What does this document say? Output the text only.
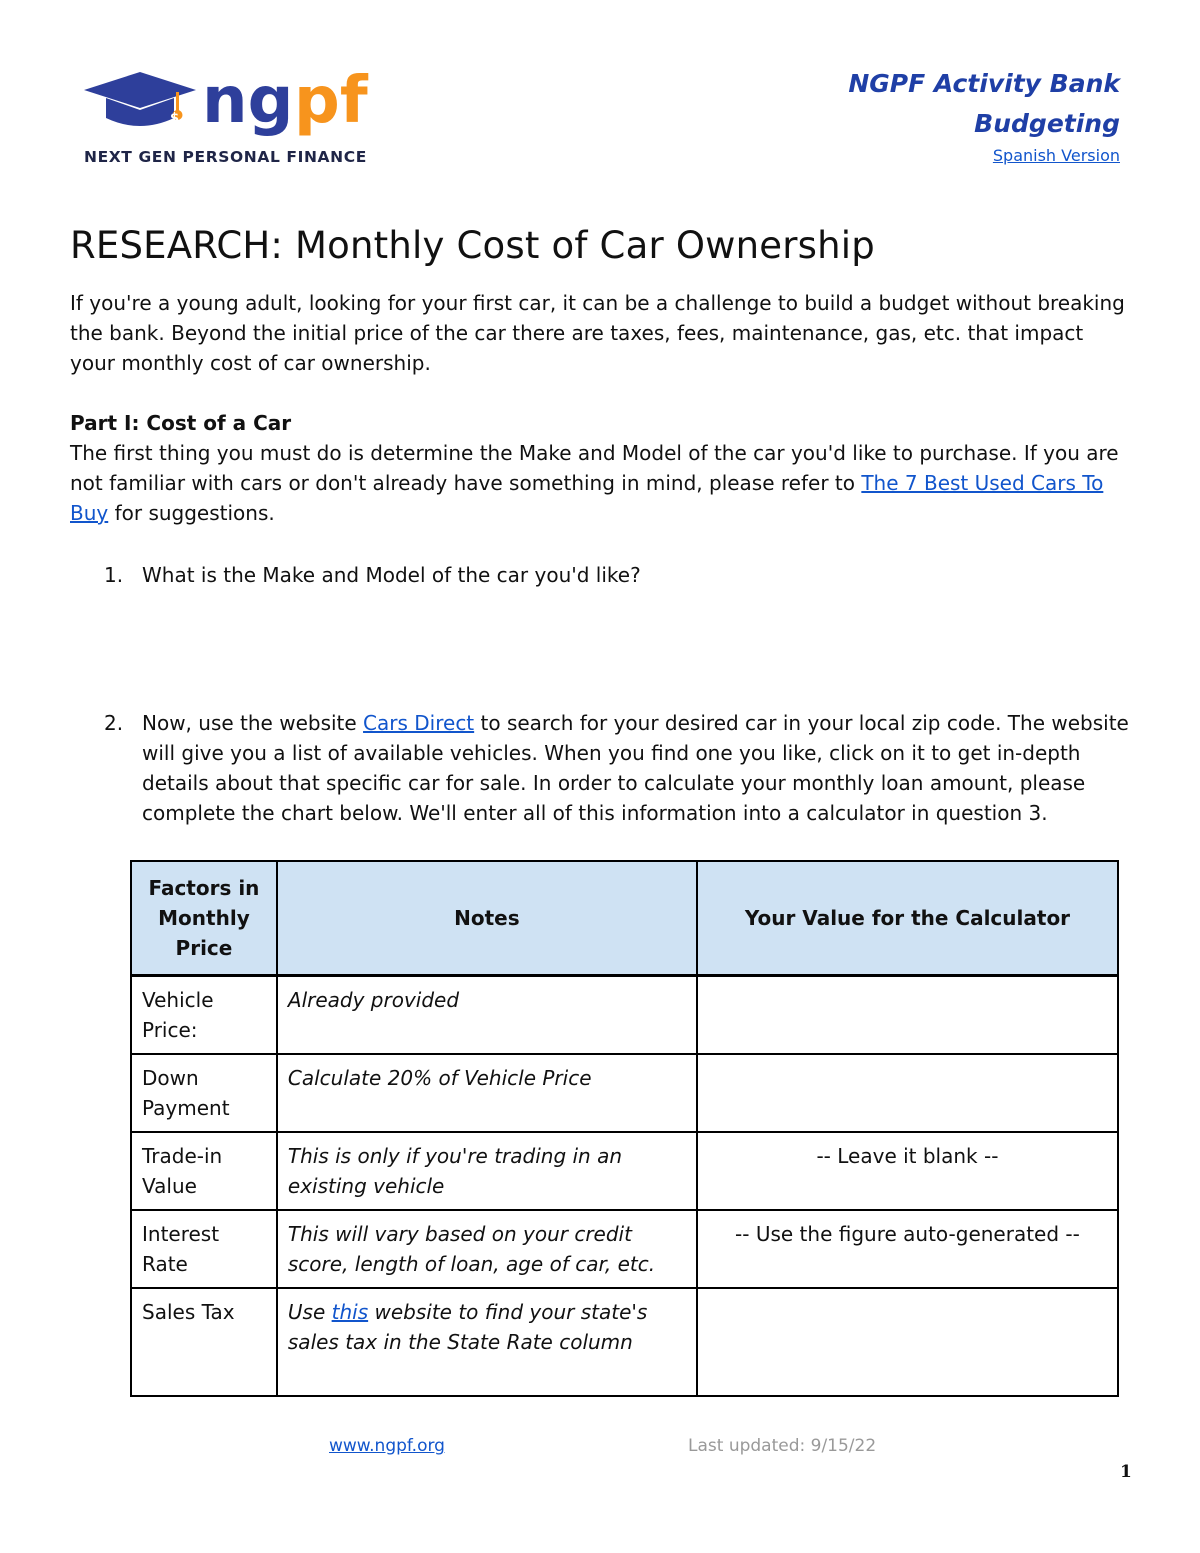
$ ng pf
NEXT GEN PERSONAL FINANCE
NGPF Activity Bank
Budgeting
Spanish Version
RESEARCH: Monthly Cost of Car Ownership

If you're a young adult, looking for your first car, it can be a challenge to build a budget without breaking the bank. Beyond the initial price of the car there are taxes, fees, maintenance, gas, etc. that impact your monthly cost of car ownership.

Part I: Cost of a Car

The first thing you must do is determine the Make and Model of the car you'd like to purchase. If you are not familiar with cars or don't already have something in mind, please refer to The 7 Best Used Cars To Buy for suggestions.

1. What is the Make and Model of the car you'd like?
2. Now, use the website Cars Direct to search for your desired car in your local zip code. The website will give you a list of available vehicles. When you find one you like, click on it to get in-depth details about that specific car for sale. In order to calculate your monthly loan amount, please complete the chart below. We'll enter all of this information into a calculator in question 3.
Factors in Monthly Price	Notes	Your Value for the Calculator
Vehicle Price:	Already provided	
Down Payment	Calculate 20% of Vehicle Price	
Trade-in Value	This is only if you're trading in an existing vehicle	-- Leave it blank --
Interest Rate	This will vary based on your credit score, length of loan, age of car, etc.	-- Use the figure auto-generated --
Sales Tax	Use this website to find your state's sales tax in the State Rate column	
www.ngpf.org	Last updated: 9/15/22
1
